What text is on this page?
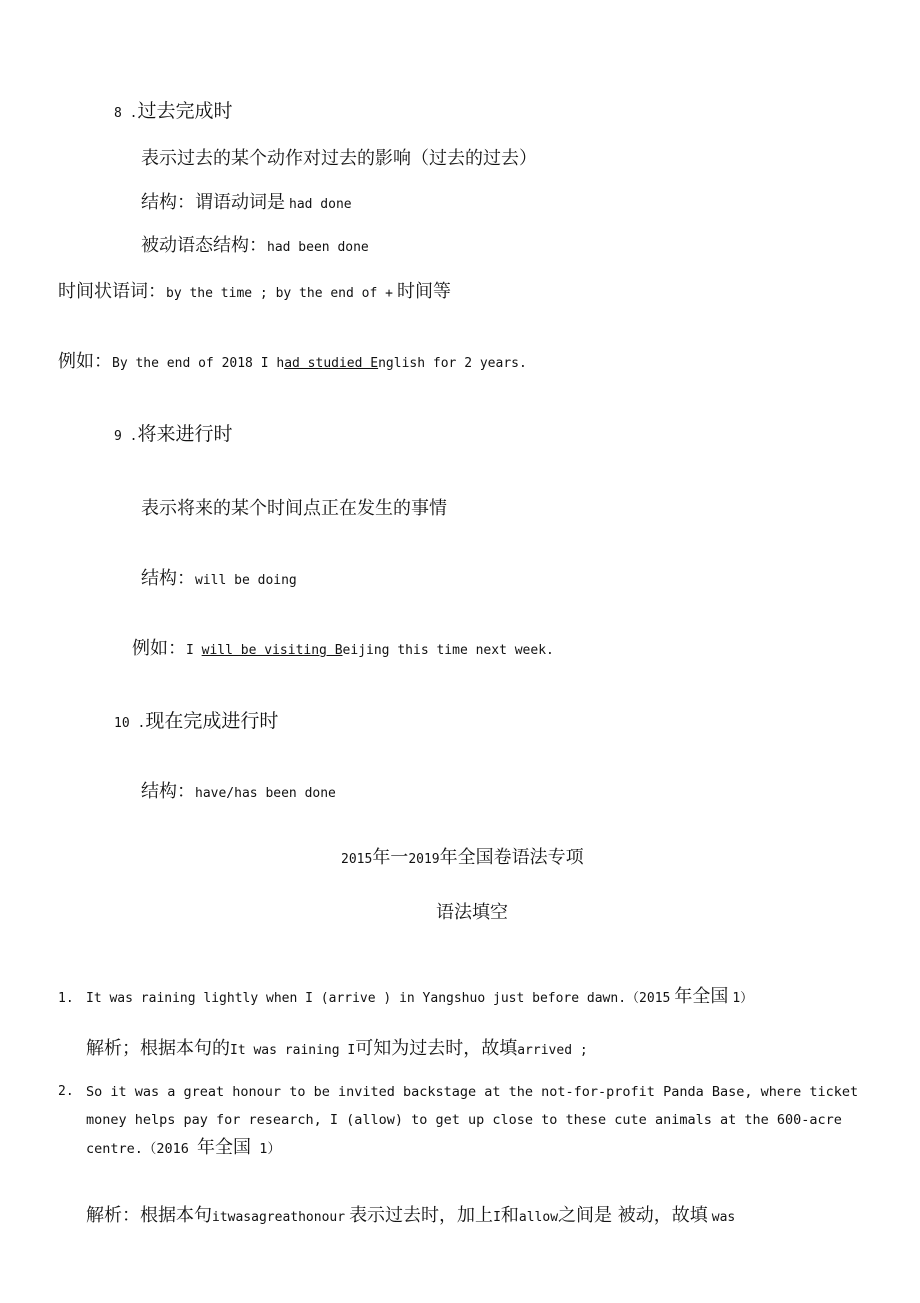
8 .过去完成时
表示过去的某个动作对过去的影响（过去的过去）
结构：谓语动词是 had done
被动语态结构：had been done
时间状语词：by the time ; by the end of + 时间等
例如：By the end of 2018 I had studied English for 2 years.
9 .将来进行时
表示将来的某个时间点正在发生的事情
结构：will be doing
例如：I will be visiting Beijing this time next week.
10 .现在完成进行时
结构：have/has been done
2015年一2019年全国卷语法专项
语法填空
1. It was raining lightly when I (arrive ) in Yangshuo just before dawn.（2015 年全国 1）
解析；根据本句的It was raining I可知为过去时，故填arrived ;
2. So it was a great honour to be invited backstage at the not-for-profit Panda Base, where ticket
money helps pay for research, I (allow) to get up close to these cute animals at the 600-acre
centre.（2016 年全国 1）
解析：根据本句itwasagreathonour 表示过去时，加上I和allow之间是 被动，故填 was
